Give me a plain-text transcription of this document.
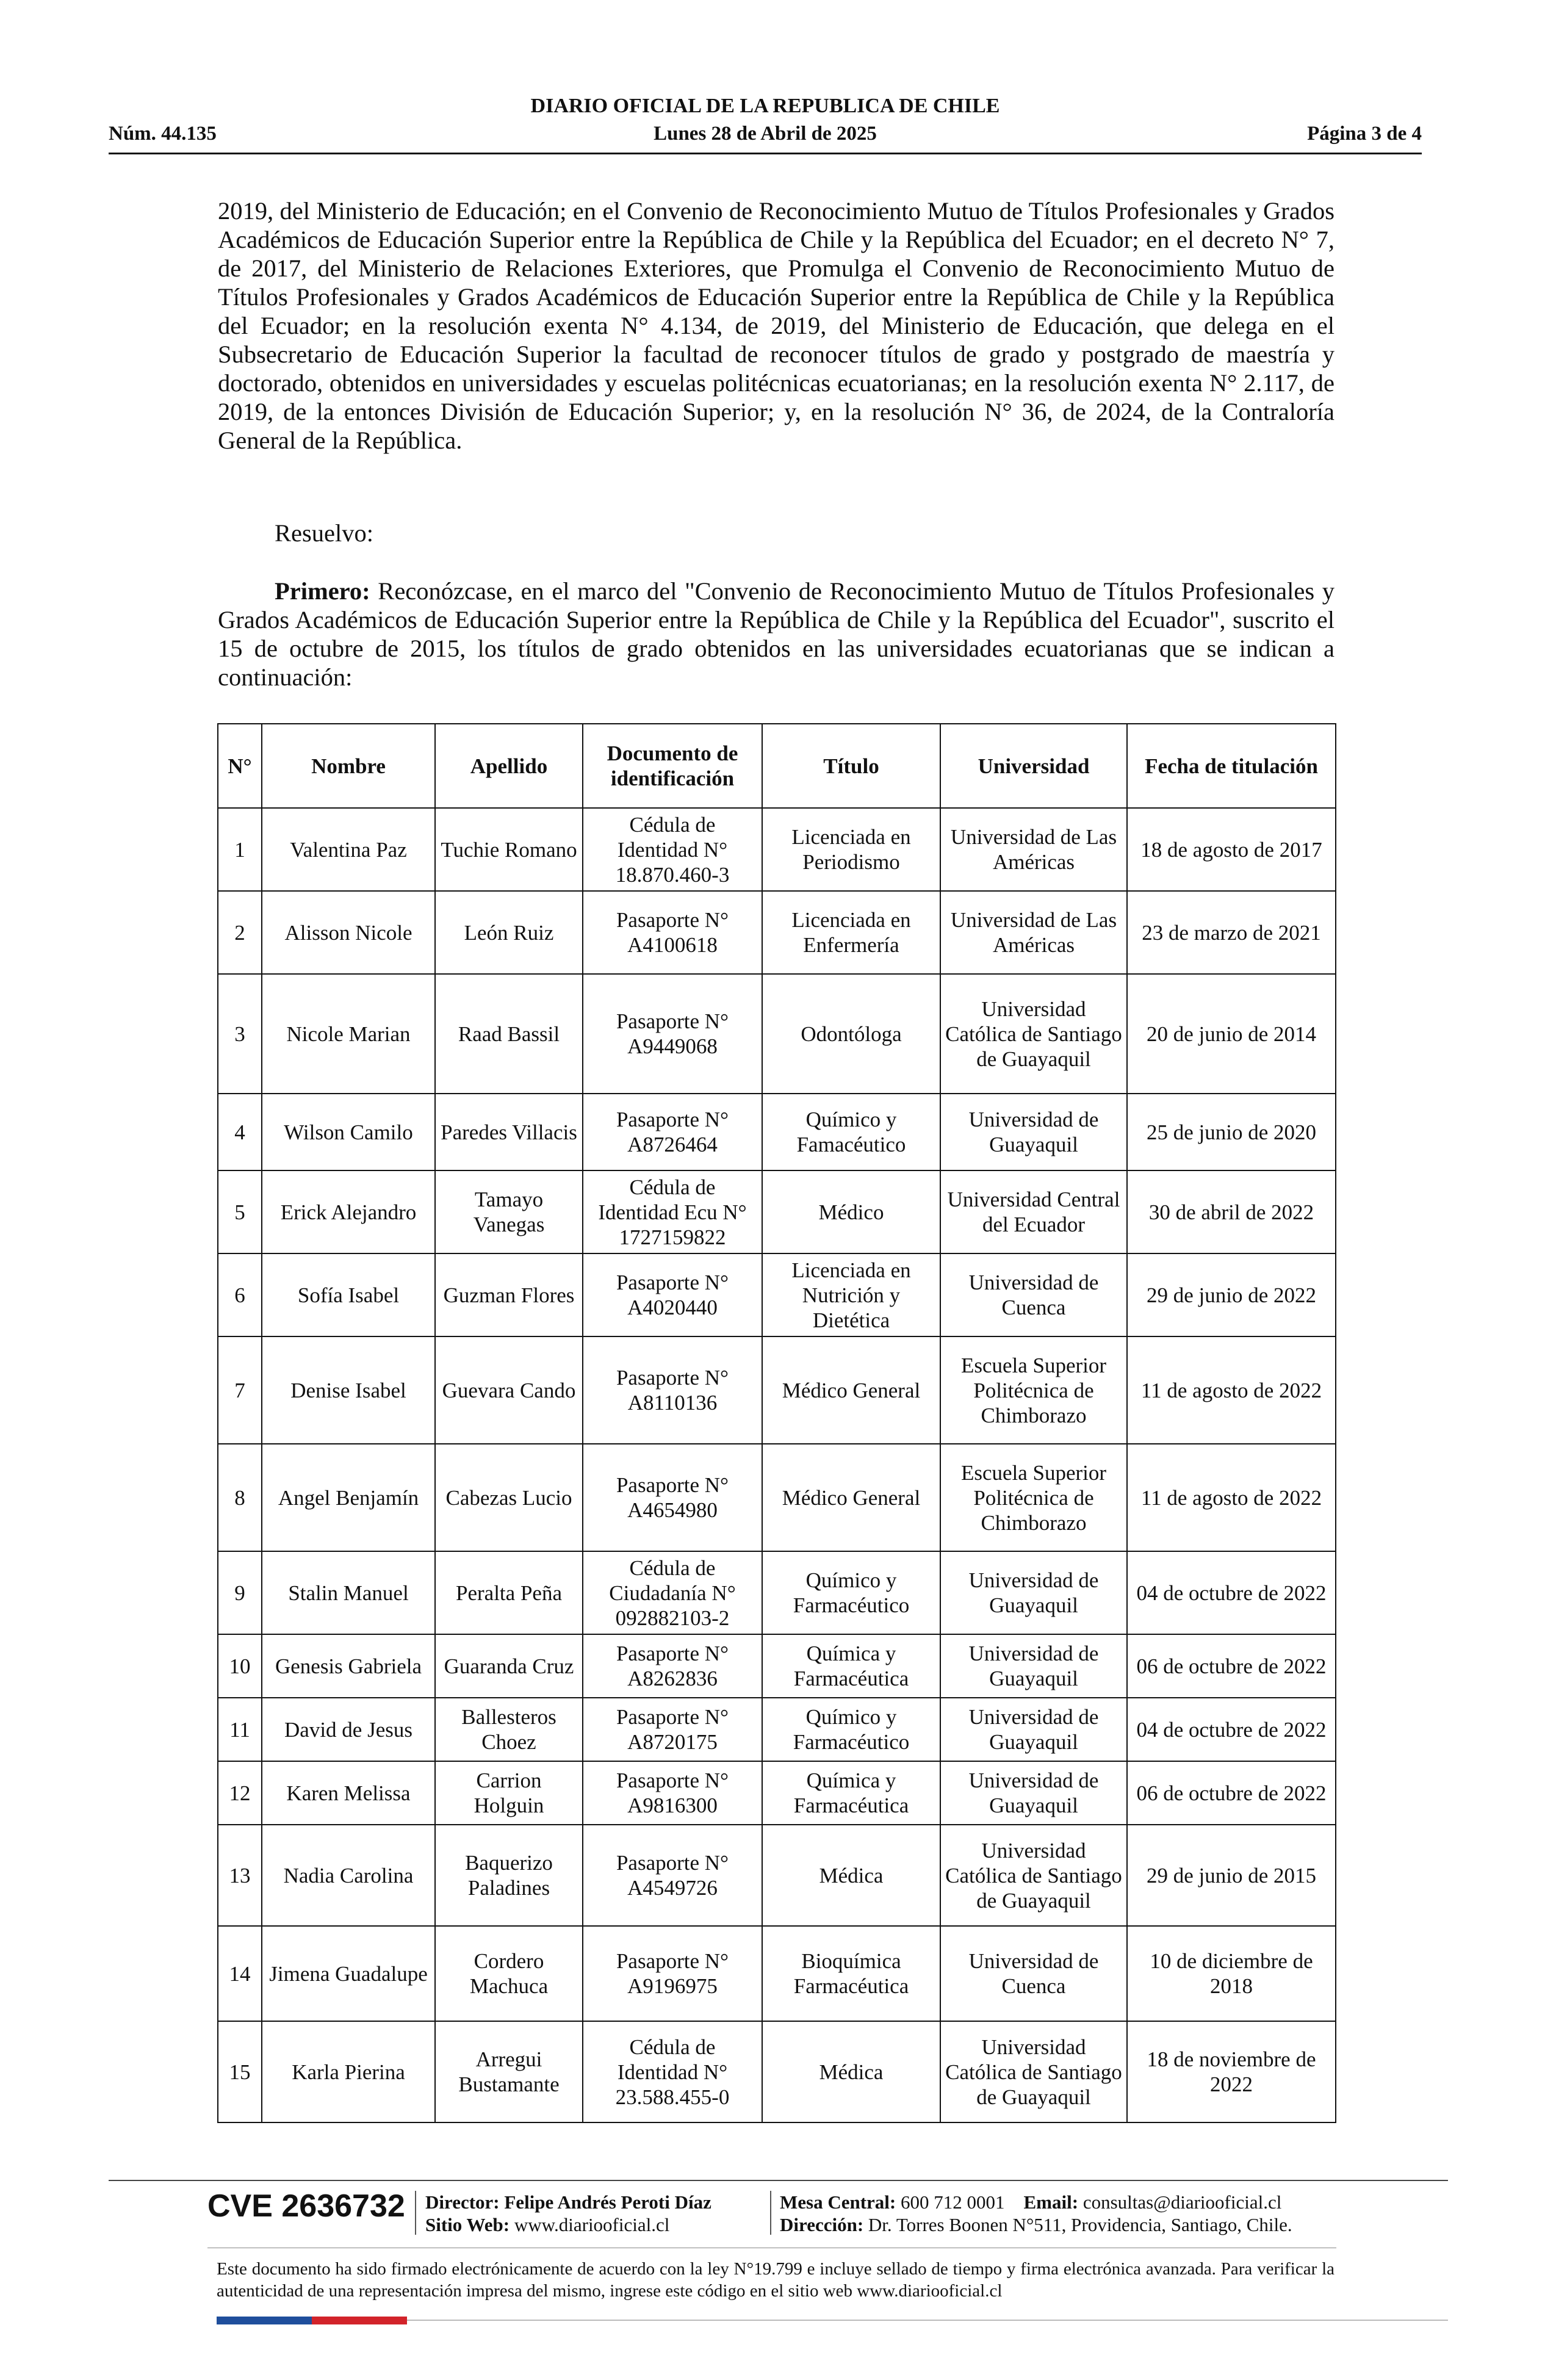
DIARIO OFICIAL DE LA REPUBLICA DE CHILE
Núm. 44.135	Lunes 28 de Abril de 2025	Página 3 de 4
2019, del Ministerio de Educación; en el Convenio de Reconocimiento Mutuo de Títulos Profesionales y Grados Académicos de Educación Superior entre la República de Chile y la República del Ecuador; en el decreto N° 7, de 2017, del Ministerio de Relaciones Exteriores, que Promulga el Convenio de Reconocimiento Mutuo de Títulos Profesionales y Grados Académicos de Educación Superior entre la República de Chile y la República del Ecuador; en la resolución exenta N° 4.134, de 2019, del Ministerio de Educación, que delega en el Subsecretario de Educación Superior la facultad de reconocer títulos de grado y postgrado de maestría y doctorado, obtenidos en universidades y escuelas politécnicas ecuatorianas; en la resolución exenta N° 2.117, de 2019, de la entonces División de Educación Superior; y, en la resolución N° 36, de 2024, de la Contraloría General de la República.
Resuelvo:
Primero: Reconózcase, en el marco del "Convenio de Reconocimiento Mutuo de Títulos Profesionales y Grados Académicos de Educación Superior entre la República de Chile y la República del Ecuador", suscrito el 15 de octubre de 2015, los títulos de grado obtenidos en las universidades ecuatorianas que se indican a continuación:
N°	Nombre	Apellido	Documento de identificación	Título	Universidad	Fecha de titulación
1	Valentina Paz	Tuchie Romano	Cédula de Identidad N° 18.870.460-3	Licenciada en Periodismo	Universidad de Las Américas	18 de agosto de 2017
2	Alisson Nicole	León Ruiz	Pasaporte N° A4100618	Licenciada en Enfermería	Universidad de Las Américas	23 de marzo de 2021
3	Nicole Marian	Raad Bassil	Pasaporte N° A9449068	Odontóloga	Universidad Católica de Santiago de Guayaquil	20 de junio de 2014
4	Wilson Camilo	Paredes Villacis	Pasaporte N° A8726464	Químico y Famacéutico	Universidad de Guayaquil	25 de junio de 2020
5	Erick Alejandro	Tamayo Vanegas	Cédula de Identidad Ecu N° 1727159822	Médico	Universidad Central del Ecuador	30 de abril de 2022
6	Sofía Isabel	Guzman Flores	Pasaporte N° A4020440	Licenciada en Nutrición y Dietética	Universidad de Cuenca	29 de junio de 2022
7	Denise Isabel	Guevara Cando	Pasaporte N° A8110136	Médico General	Escuela Superior Politécnica de Chimborazo	11 de agosto de 2022
8	Angel Benjamín	Cabezas Lucio	Pasaporte N° A4654980	Médico General	Escuela Superior Politécnica de Chimborazo	11 de agosto de 2022
9	Stalin Manuel	Peralta Peña	Cédula de Ciudadanía N° 092882103-2	Químico y Farmacéutico	Universidad de Guayaquil	04 de octubre de 2022
10	Genesis Gabriela	Guaranda Cruz	Pasaporte N° A8262836	Química y Farmacéutica	Universidad de Guayaquil	06 de octubre de 2022
11	David de Jesus	Ballesteros Choez	Pasaporte N° A8720175	Químico y Farmacéutico	Universidad de Guayaquil	04 de octubre de 2022
12	Karen Melissa	Carrion Holguin	Pasaporte N° A9816300	Química y Farmacéutica	Universidad de Guayaquil	06 de octubre de 2022
13	Nadia Carolina	Baquerizo Paladines	Pasaporte N° A4549726	Médica	Universidad Católica de Santiago de Guayaquil	29 de junio de 2015
14	Jimena Guadalupe	Cordero Machuca	Pasaporte N° A9196975	Bioquímica Farmacéutica	Universidad de Cuenca	10 de diciembre de 2018
15	Karla Pierina	Arregui Bustamante	Cédula de Identidad N° 23.588.455-0	Médica	Universidad Católica de Santiago de Guayaquil	18 de noviembre de 2022
CVE 2636732 Director: Felipe Andrés Peroti Díaz
Sitio Web: www.diariooficial.cl
Mesa Central: 600 712 0001 Email: consultas@diariooficial.cl
Dirección: Dr. Torres Boonen N°511, Providencia, Santiago, Chile.
Este documento ha sido firmado electrónicamente de acuerdo con la ley N°19.799 e incluye sellado de tiempo y firma electrónica avanzada. Para verificar la autenticidad de una representación impresa del mismo, ingrese este código en el sitio web www.diariooficial.cl
